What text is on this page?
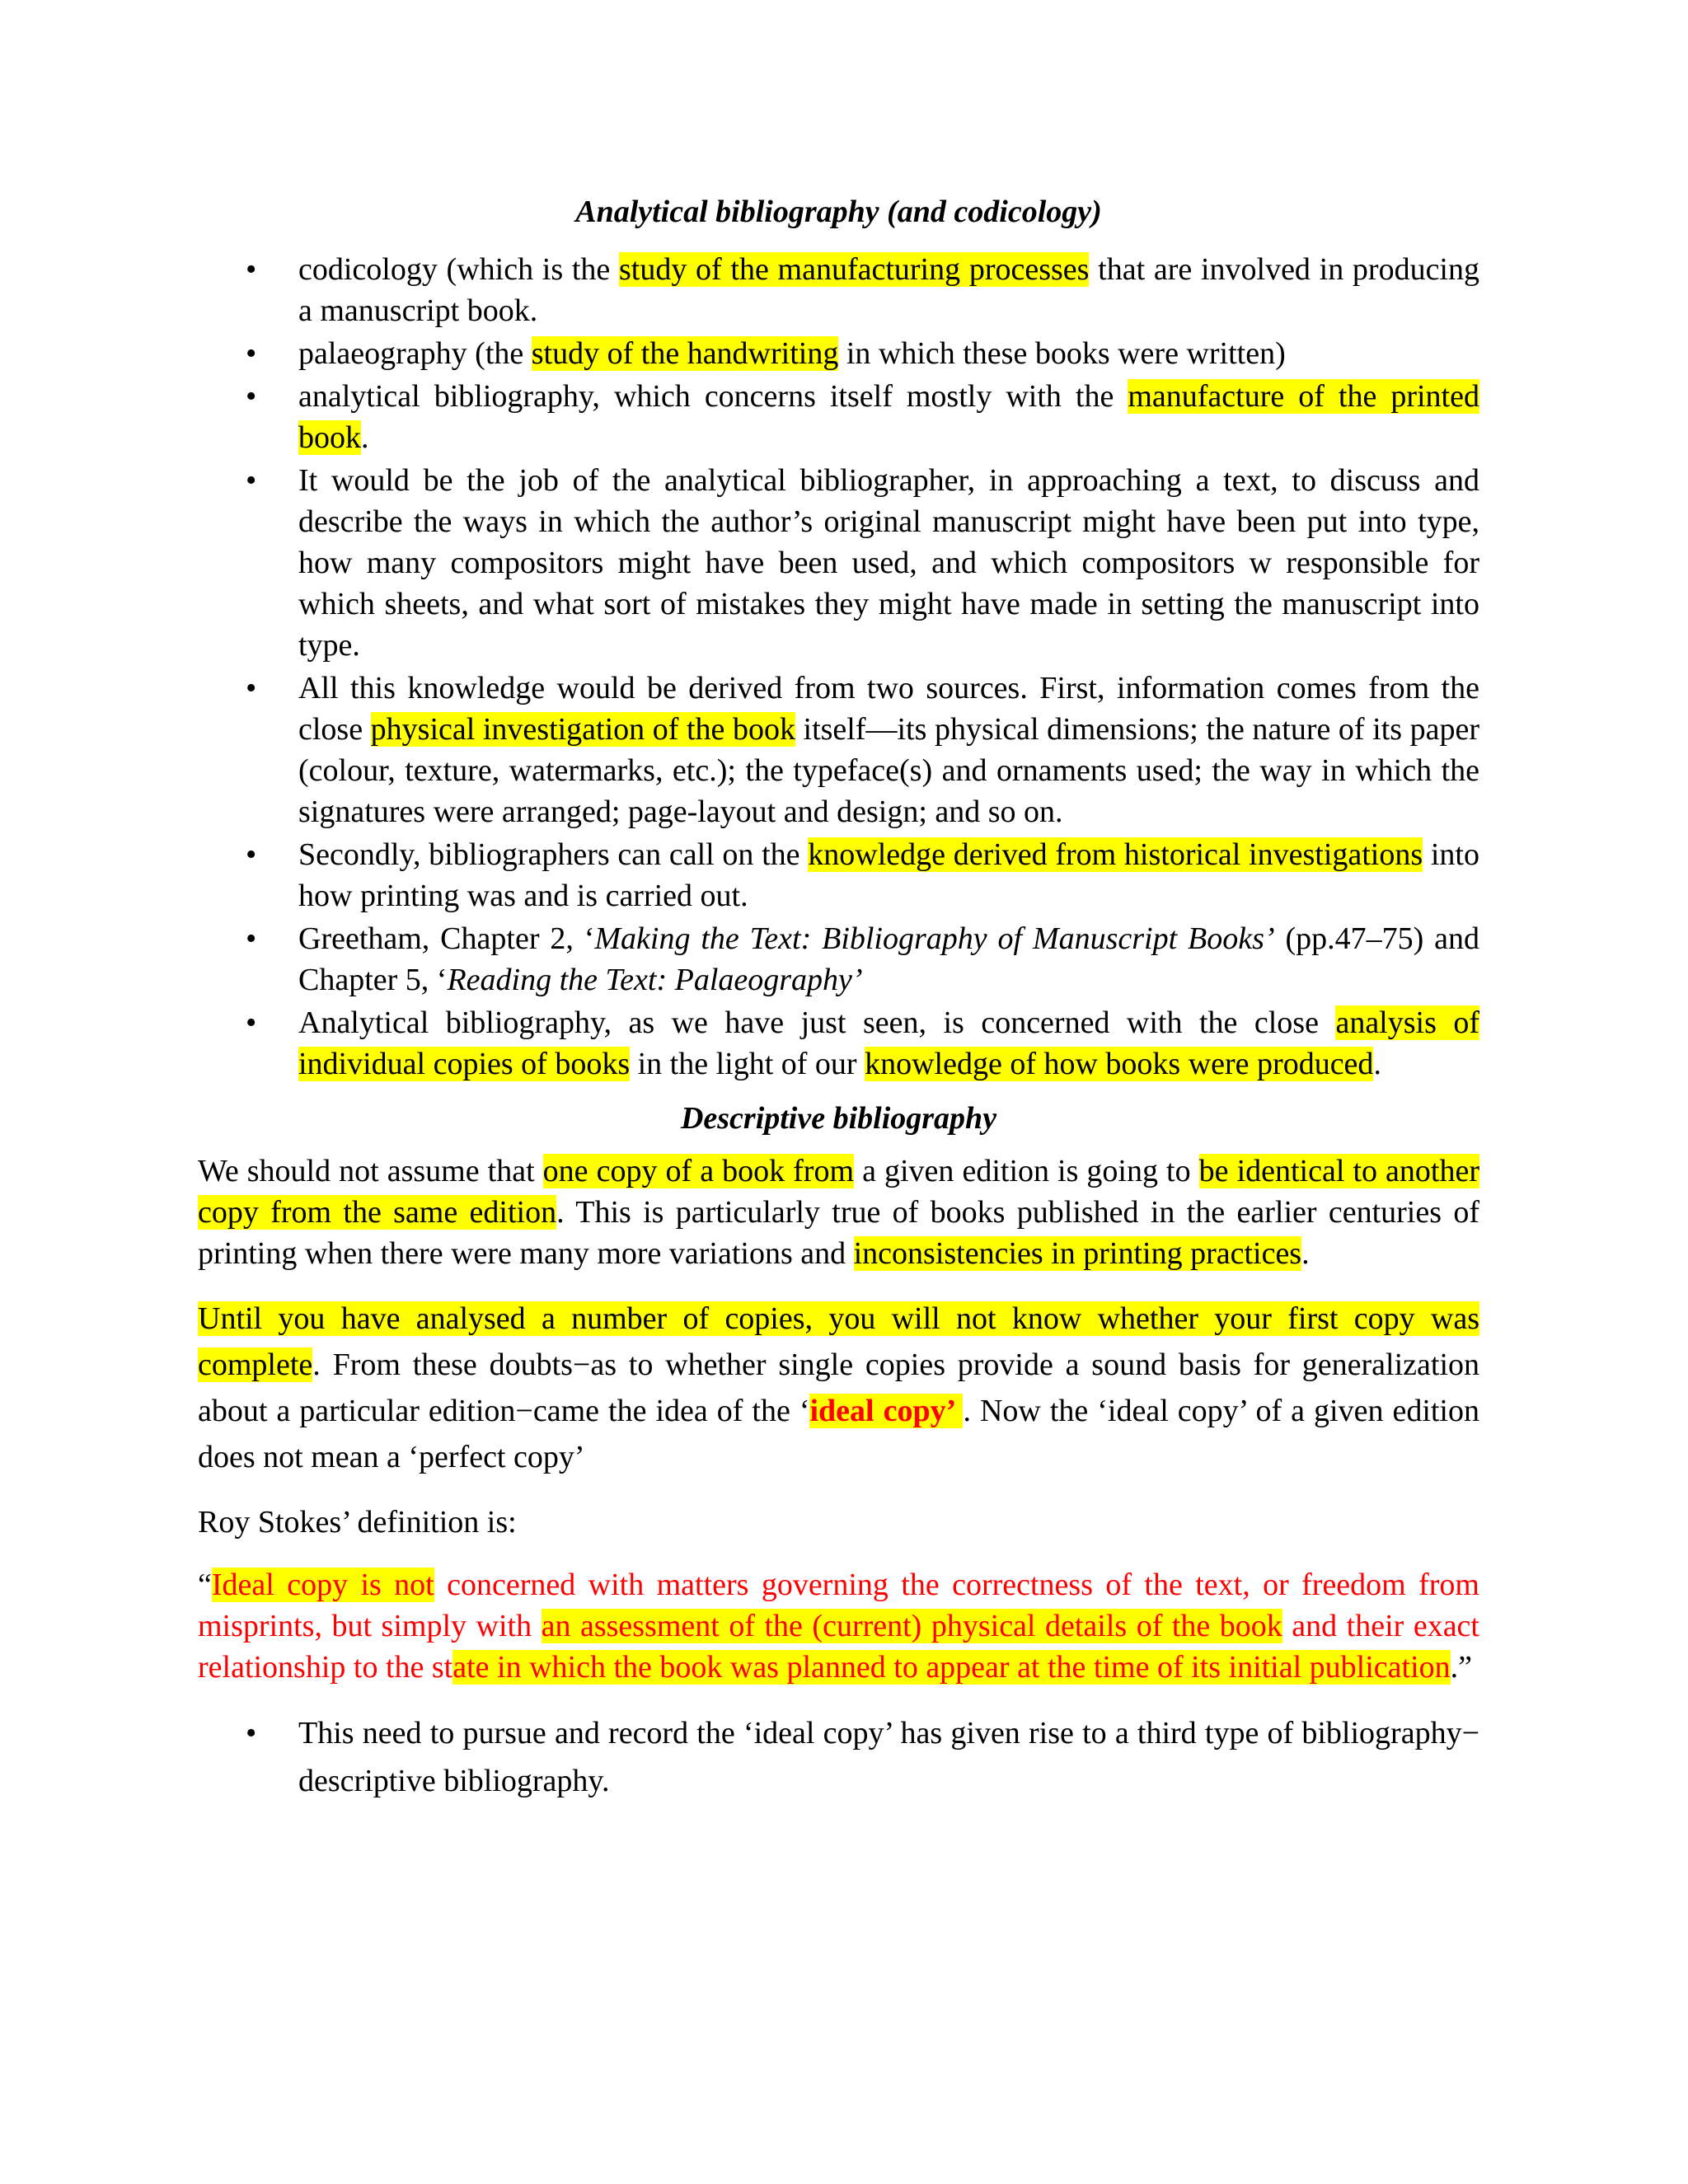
Analytical bibliography (and codicology)
• codicology (which is the study of the manufacturing processes that are involved in producing a manuscript book.
• palaeography (the study of the handwriting in which these books were written)
• analytical bibliography, which concerns itself mostly with the manufacture of the printed book.
• It would be the job of the analytical bibliographer, in approaching a text, to discuss and describe the ways in which the author’s original manuscript might have been put into type, how many compositors might have been used, and which compositors w responsible for which sheets, and what sort of mistakes they might have made in setting the manuscript into type.
• All this knowledge would be derived from two sources. First, information comes from the close physical investigation of the book itself—its physical dimensions; the nature of its paper (colour, texture, watermarks, etc.); the typeface(s) and ornaments used; the way in which the signatures were arranged; page-layout and design; and so on.
• Secondly, bibliographers can call on the knowledge derived from historical investigations into how printing was and is carried out.
• Greetham, Chapter 2, ‘Making the Text: Bibliography of Manuscript Books’ (pp.47–75) and Chapter 5, ‘Reading the Text: Palaeography’
• Analytical bibliography, as we have just seen, is concerned with the close analysis of individual copies of books in the light of our knowledge of how books were produced.
Descriptive bibliography

We should not assume that one copy of a book from a given edition is going to be identical to another copy from the same edition. This is particularly true of books published in the earlier centuries of printing when there were many more variations and inconsistencies in printing practices.

Until you have analysed a number of copies, you will not know whether your first copy was complete. From these doubts−as to whether single copies provide a sound basis for generalization about a particular edition−came the idea of the ‘ideal copy’ . Now the ‘ideal copy’ of a given edition does not mean a ‘perfect copy’

Roy Stokes’ definition is:

“Ideal copy is not concerned with matters governing the correctness of the text, or freedom from misprints, but simply with an assessment of the (current) physical details of the book and their exact relationship to the state in which the book was planned to appear at the time of its initial publication.”

• This need to pursue and record the ‘ideal copy’ has given rise to a third type of bibliography− descriptive bibliography.
